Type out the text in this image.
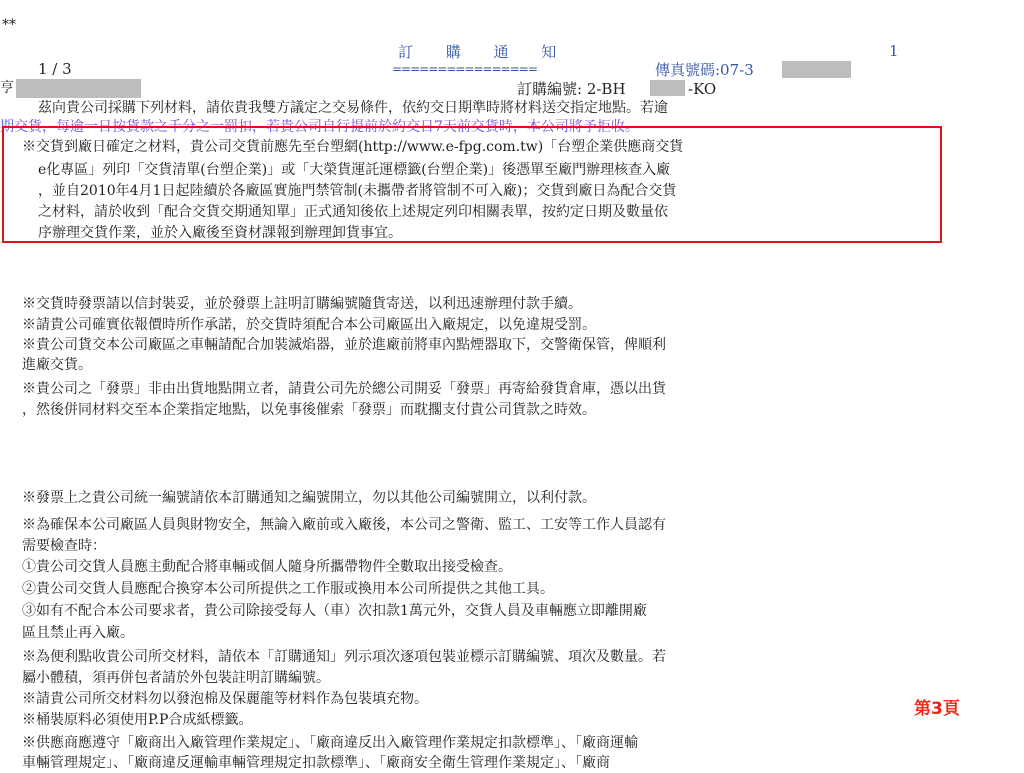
**
訂 購 通 知
================
1
1 / 3
亨
傳真號碼:07-3
訂購編號: 2-BH	-KO
茲向貴公司採購下列材料，請依貴我雙方議定之交易條件，依約交日期準時將材料送交指定地點。若逾
期交貨，每逾一日按貨款之千分之一罰扣，若貴公司自行提前於約交日7天前交貨時，本公司將予拒收。
※交貨到廠日確定之材料，貴公司交貨前應先至台塑網(http://www.e-fpg.com.tw)「台塑企業供應商交貨
e化專區」列印「交貨清單(台塑企業)」或「大榮貨運託運標籤(台塑企業)」後憑單至廠門辦理核查入廠
，並自2010年4月1日起陸續於各廠區實施門禁管制(未攜帶者將管制不可入廠)；交貨到廠日為配合交貨
之材料，請於收到「配合交貨交期通知單」正式通知後依上述規定列印相關表單，按約定日期及數量依
序辦理交貨作業，並於入廠後至資材課報到辦理卸貨事宜。
※交貨時發票請以信封裝妥，並於發票上註明訂購編號隨貨寄送，以利迅速辦理付款手續。
※請貴公司確實依報價時所作承諾，於交貨時須配合本公司廠區出入廠規定，以免違規受罰。
※貴公司貨交本公司廠區之車輛請配合加裝滅焰器，並於進廠前將車內點煙器取下，交警衛保管，俾順利
進廠交貨。
※貴公司之「發票」非由出貨地點開立者，請貴公司先於總公司開妥「發票」再寄給發貨倉庫，憑以出貨
，然後併同材料交至本企業指定地點，以免事後催索「發票」而耽擱支付貴公司貨款之時效。
※發票上之貴公司統一編號請依本訂購通知之編號開立，勿以其他公司編號開立，以利付款。
※為確保本公司廠區人員與財物安全，無論入廠前或入廠後，本公司之警衛、監工、工安等工作人員認有
需要檢查時：
①貴公司交貨人員應主動配合將車輛或個人隨身所攜帶物件全數取出接受檢查。
②貴公司交貨人員應配合換穿本公司所提供之工作服或換用本公司所提供之其他工具。
③如有不配合本公司要求者，貴公司除接受每人（車）次扣款1萬元外，交貨人員及車輛應立即離開廠
區且禁止再入廠。
※為便利點收貴公司所交材料，請依本「訂購通知」列示項次逐項包裝並標示訂購編號、項次及數量。若
屬小體積，須再併包者請於外包裝註明訂購編號。
※請貴公司所交材料勿以發泡棉及保麗龍等材料作為包裝填充物。
※桶裝原料必須使用P.P合成紙標籤。
※供應商應遵守「廠商出入廠管理作業規定」、「廠商違反出入廠管理作業規定扣款標準」、「廠商運輸
車輛管理規定」、「廠商違反運輸車輛管理規定扣款標準」、「廠商安全衛生管理作業規定」、「廠商
第3頁
